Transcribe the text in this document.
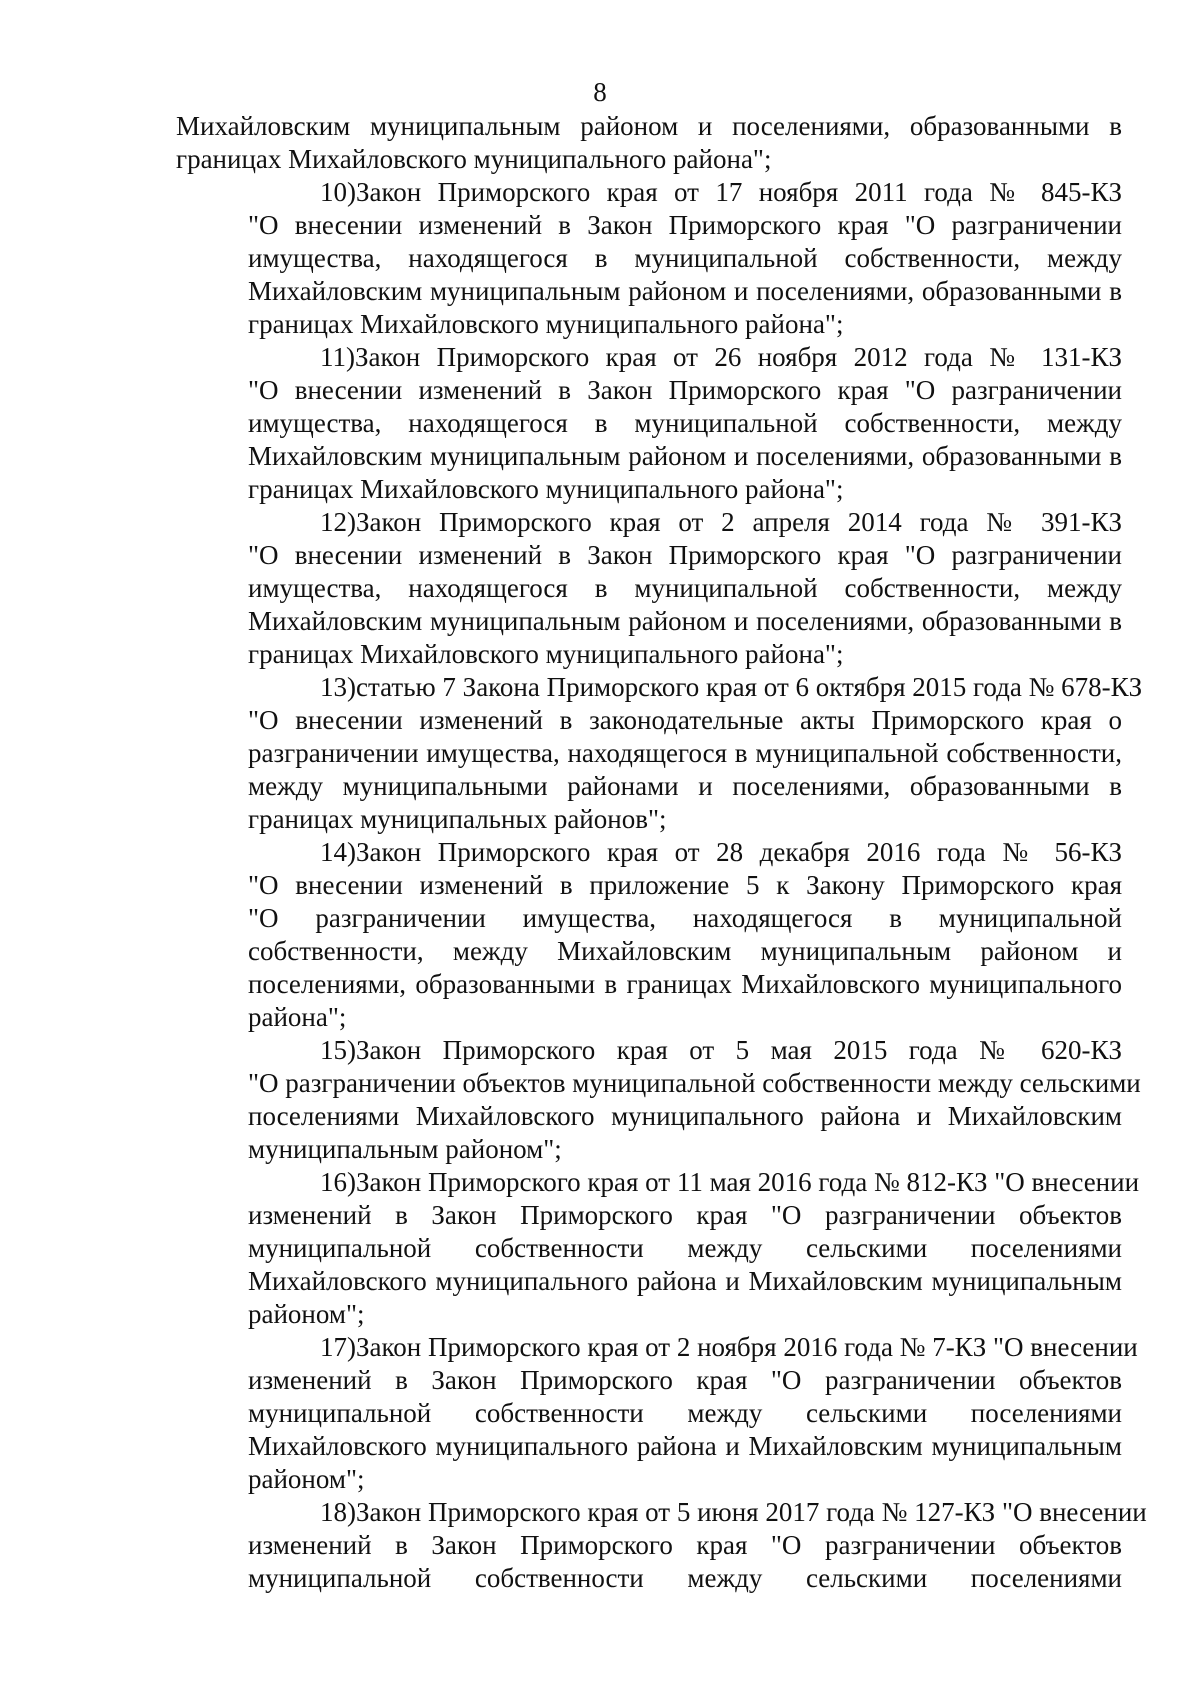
8
Михайловским муниципальным районом и поселениями, образованными в
границах Михайловского муниципального района";
10)Закон Приморского края от 17 ноября 2011 года № 845-КЗ
"О внесении изменений в Закон Приморского края "О разграничении
имущества, находящегося в муниципальной собственности, между
Михайловским муниципальным районом и поселениями, образованными в
границах Михайловского муниципального района";
11)Закон Приморского края от 26 ноября 2012 года № 131-КЗ
"О внесении изменений в Закон Приморского края "О разграничении
имущества, находящегося в муниципальной собственности, между
Михайловским муниципальным районом и поселениями, образованными в
границах Михайловского муниципального района";
12)Закон Приморского края от 2 апреля 2014 года № 391-КЗ
"О внесении изменений в Закон Приморского края "О разграничении
имущества, находящегося в муниципальной собственности, между
Михайловским муниципальным районом и поселениями, образованными в
границах Михайловского муниципального района";
13)статью 7 Закона Приморского края от 6 октября 2015 года № 678-КЗ
"О внесении изменений в законодательные акты Приморского края о
разграничении имущества, находящегося в муниципальной собственности,
между муниципальными районами и поселениями, образованными в
границах муниципальных районов";
14)Закон Приморского края от 28 декабря 2016 года № 56-КЗ
"О внесении изменений в приложение 5 к Закону Приморского края
"О разграничении имущества, находящегося в муниципальной
собственности, между Михайловским муниципальным районом и
поселениями, образованными в границах Михайловского муниципального
района";
15)Закон Приморского края от 5 мая 2015 года № 620-КЗ
"О разграничении объектов муниципальной собственности между сельскими
поселениями Михайловского муниципального района и Михайловским
муниципальным районом";
16)Закон Приморского края от 11 мая 2016 года № 812-КЗ "О внесении
изменений в Закон Приморского края "О разграничении объектов
муниципальной собственности между сельскими поселениями
Михайловского муниципального района и Михайловским муниципальным
районом";
17)Закон Приморского края от 2 ноября 2016 года № 7-КЗ "О внесении
изменений в Закон Приморского края "О разграничении объектов
муниципальной собственности между сельскими поселениями
Михайловского муниципального района и Михайловским муниципальным
районом";
18)Закон Приморского края от 5 июня 2017 года № 127-КЗ "О внесении
изменений в Закон Приморского края "О разграничении объектов
муниципальной собственности между сельскими поселениями
